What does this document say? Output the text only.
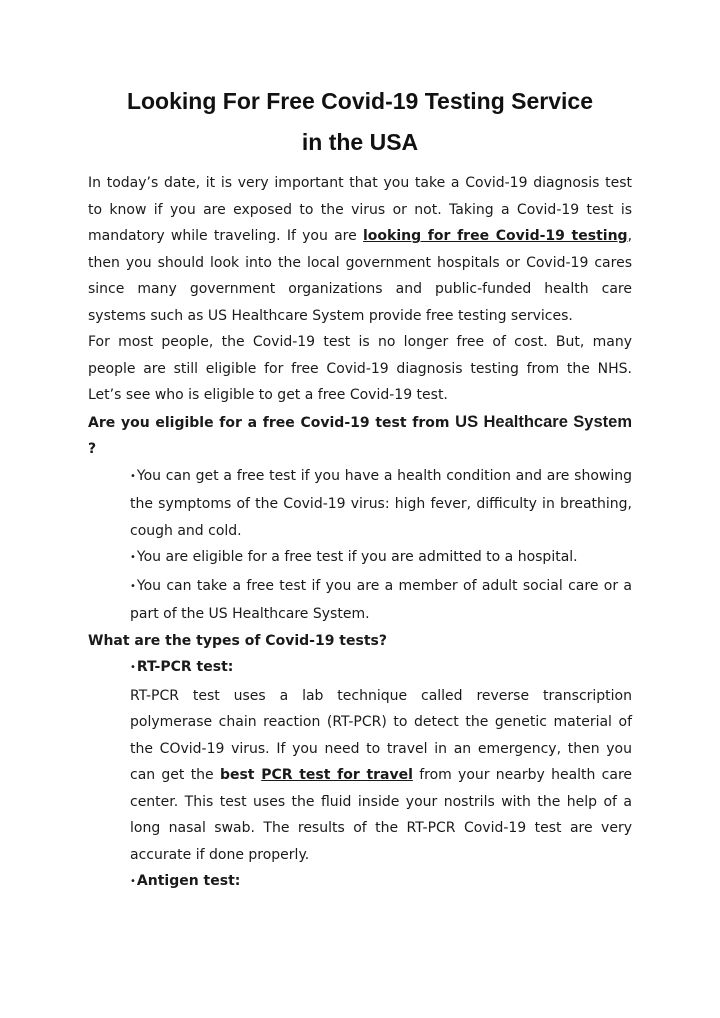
Looking For Free Covid-19 Testing Service
in the USA

In today’s date, it is very important that you take a Covid-19 diagnosis test to know if you are exposed to the virus or not. Taking a Covid-19 test is mandatory while traveling. If you are looking for free Covid-19 testing, then you should look into the local government hospitals or Covid-19 cares since many government organizations and public-funded health care systems such as US Healthcare System provide free testing services.

For most people, the Covid-19 test is no longer free of cost. But, many people are still eligible for free Covid-19 diagnosis testing from the NHS. Let’s see who is eligible to get a free Covid-19 test.

Are you eligible for a free Covid-19 test from US Healthcare System ?

•You can get a free test if you have a health condition and are showing the symptoms of the Covid-19 virus: high fever, difficulty in breathing, cough and cold.

•You are eligible for a free test if you are admitted to a hospital.

•You can take a free test if you are a member of adult social care or a part of the US Healthcare System.

What are the types of Covid-19 tests?

•RT-PCR test:

RT-PCR test uses a lab technique called reverse transcription polymerase chain reaction (RT-PCR) to detect the genetic material of the COvid-19 virus. If you need to travel in an emergency, then you can get the best PCR test for travel from your nearby health care center. This test uses the fluid inside your nostrils with the help of a long nasal swab. The results of the RT-PCR Covid-19 test are very accurate if done properly.

•Antigen test:
